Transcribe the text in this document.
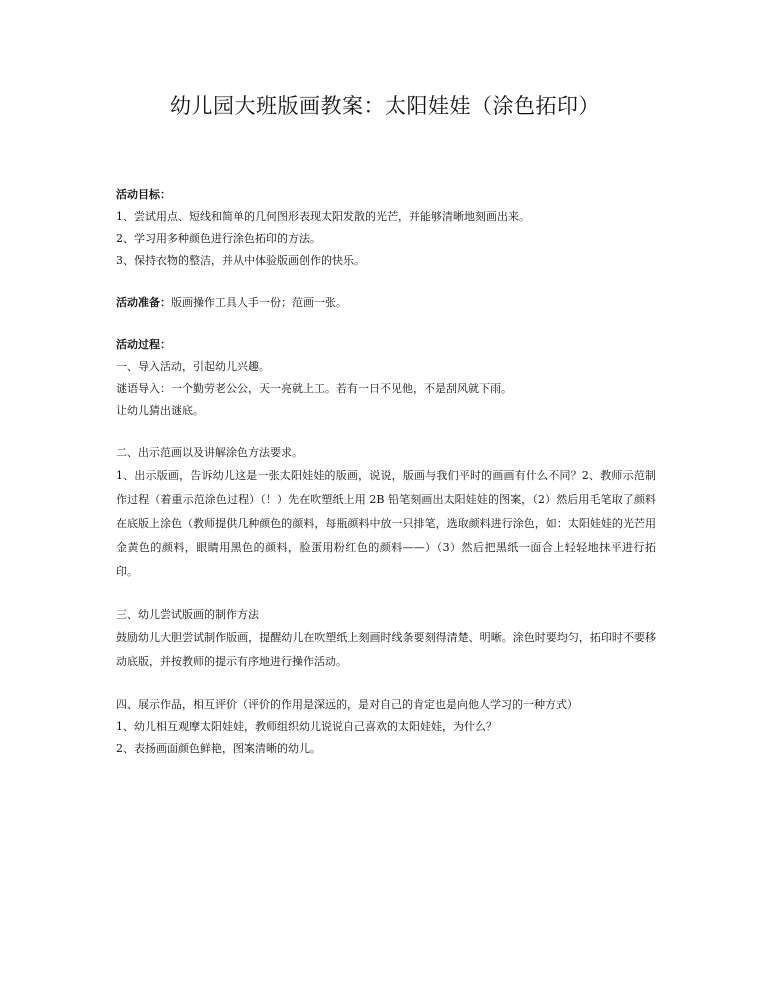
幼儿园大班版画教案：太阳娃娃（涂色拓印）

活动目标：

1、尝试用点、短线和简单的几何图形表现太阳发散的光芒，并能够清晰地刻画出来。

2、学习用多种颜色进行涂色拓印的方法。

3、保持衣物的整洁，并从中体验版画创作的快乐。

活动准备：版画操作工具人手一份；范画一张。

活动过程：

一、导入活动，引起幼儿兴趣。

谜语导入：一个勤劳老公公，天一亮就上工。若有一日不见他，不是刮风就下雨。

让幼儿猜出谜底。

二、出示范画以及讲解涂色方法要求。

1、出示版画，告诉幼儿这是一张太阳娃娃的版画，说说，版画与我们平时的画画有什么不同？2、教师示范制作过程（着重示范涂色过程）（！）先在吹塑纸上用 2B 铅笔刻画出太阳娃娃的图案，（2）然后用毛笔取了颜料在底版上涂色（教师提供几种颜色的颜料，每瓶颜料中放一只排笔，选取颜料进行涂色，如：太阳娃娃的光芒用金黄色的颜料，眼睛用黑色的颜料，脸蛋用粉红色的颜料——）（3）然后把黑纸一面合上轻轻地抹平进行拓印。

三、幼儿尝试版画的制作方法

鼓励幼儿大胆尝试制作版画，提醒幼儿在吹塑纸上刻画时线条要刻得清楚、明晰。涂色时要均匀，拓印时不要移动底版，并按教师的提示有序地进行操作活动。

四、展示作品，相互评价（评价的作用是深远的，是对自己的肯定也是向他人学习的一种方式）

1、幼儿相互观摩太阳娃娃，教师组织幼儿说说自己喜欢的太阳娃娃，为什么？

2、表扬画面颜色鲜艳，图案清晰的幼儿。
